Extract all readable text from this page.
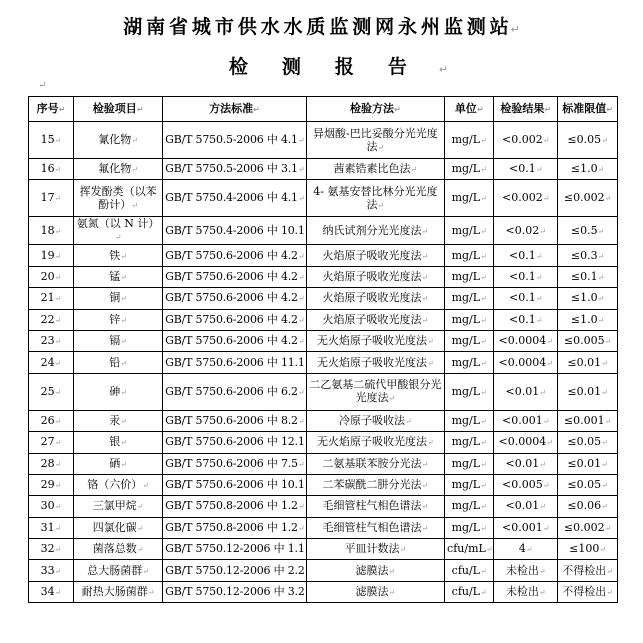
湖南省城市供水水质监测网永州监测站↵
检测报告↵
↵
序号 ↵	检验项目 ↵	方法标准 ↵	检验方法 ↵	单位 ↵	检验结果 ↵	标准限值 ↵
15 ↵	氰化物 ↵	GB/T 5750.5-2006 中 4.1 ↵	异烟酸-巴比妥酸分光光度法 ↵	mg/L ↵	<0.002 ↵	≤0.05 ↵
16 ↵	氟化物 ↵	GB/T 5750.5-2006 中 3.1 ↵	茜素锆素比色法 ↵	mg/L ↵	<0.1 ↵	≤1.0 ↵
17 ↵	挥发酚类（以苯酚计） ↵	GB/T 5750.4-2006 中 4.1 ↵	4- 氨基安替比林分光光度法 ↵	mg/L ↵	<0.002 ↵	≤0.002 ↵
18 ↵	氨氮（以 N 计） ↵	GB/T 5750.4-2006 中 10.1 ↵	纳氏试剂分光光度法 ↵	mg/L ↵	<0.02 ↵	≤0.5 ↵
19 ↵	铁 ↵	GB/T 5750.6-2006 中 4.2 ↵	火焰原子吸收光度法 ↵	mg/L ↵	<0.1 ↵	≤0.3 ↵
20 ↵	锰 ↵	GB/T 5750.6-2006 中 4.2 ↵	火焰原子吸收光度法 ↵	mg/L ↵	<0.1 ↵	≤0.1 ↵
21 ↵	铜 ↵	GB/T 5750.6-2006 中 4.2 ↵	火焰原子吸收光度法 ↵	mg/L ↵	<0.1 ↵	≤1.0 ↵
22 ↵	锌 ↵	GB/T 5750.6-2006 中 4.2 ↵	火焰原子吸收光度法 ↵	mg/L ↵	<0.1 ↵	≤1.0 ↵
23 ↵	镉 ↵	GB/T 5750.6-2006 中 4.2 ↵	无火焰原子吸收光度法 ↵	mg/L ↵	<0.0004 ↵	≤0.005 ↵
24 ↵	铅 ↵	GB/T 5750.6-2006 中 11.1 ↵	无火焰原子吸收光度法 ↵	mg/L ↵	<0.0004 ↵	≤0.01 ↵
25 ↵	砷 ↵	GB/T 5750.6-2006 中 6.2 ↵	二乙氨基二硫代甲酸银分光光度法 ↵	mg/L ↵	<0.01 ↵	≤0.01 ↵
26 ↵	汞 ↵	GB/T 5750.6-2006 中 8.2 ↵	冷原子吸收法 ↵	mg/L ↵	<0.001 ↵	≤0.001 ↵
27 ↵	银 ↵	GB/T 5750.6-2006 中 12.1 ↵	无火焰原子吸收光度法 ↵	mg/L ↵	<0.0004 ↵	≤0.05 ↵
28 ↵	硒 ↵	GB/T 5750.6-2006 中 7.5 ↵	二氨基联苯胺分光法 ↵	mg/L ↵	<0.01 ↵	≤0.01 ↵
29 ↵	铬（六价） ↵	GB/T 5750.6-2006 中 10.1 ↵	二苯碳酰二肼分光法 ↵	mg/L ↵	<0.005 ↵	≤0.05 ↵
30 ↵	三氯甲烷 ↵	GB/T 5750.8-2006 中 1.2 ↵	毛细管柱气相色谱法 ↵	mg/L ↵	<0.01 ↵	≤0.06 ↵
31 ↵	四氯化碳 ↵	GB/T 5750.8-2006 中 1.2 ↵	毛细管柱气相色谱法 ↵	mg/L ↵	<0.001 ↵	≤0.002 ↵
32 ↵	菌落总数 ↵	GB/T 5750.12-2006 中 1.1 ↵	平皿计数法 ↵	cfu/mL ↵	4 ↵	≤100 ↵
33 ↵	总大肠菌群 ↵	GB/T 5750.12-2006 中 2.2 ↵	滤膜法 ↵	cfu/L ↵	未检出 ↵	不得检出 ↵
34 ↵	耐热大肠菌群 ↵	GB/T 5750.12-2006 中 3.2 ↵	滤膜法 ↵	cfu/L ↵	未检出 ↵	不得检出 ↵
